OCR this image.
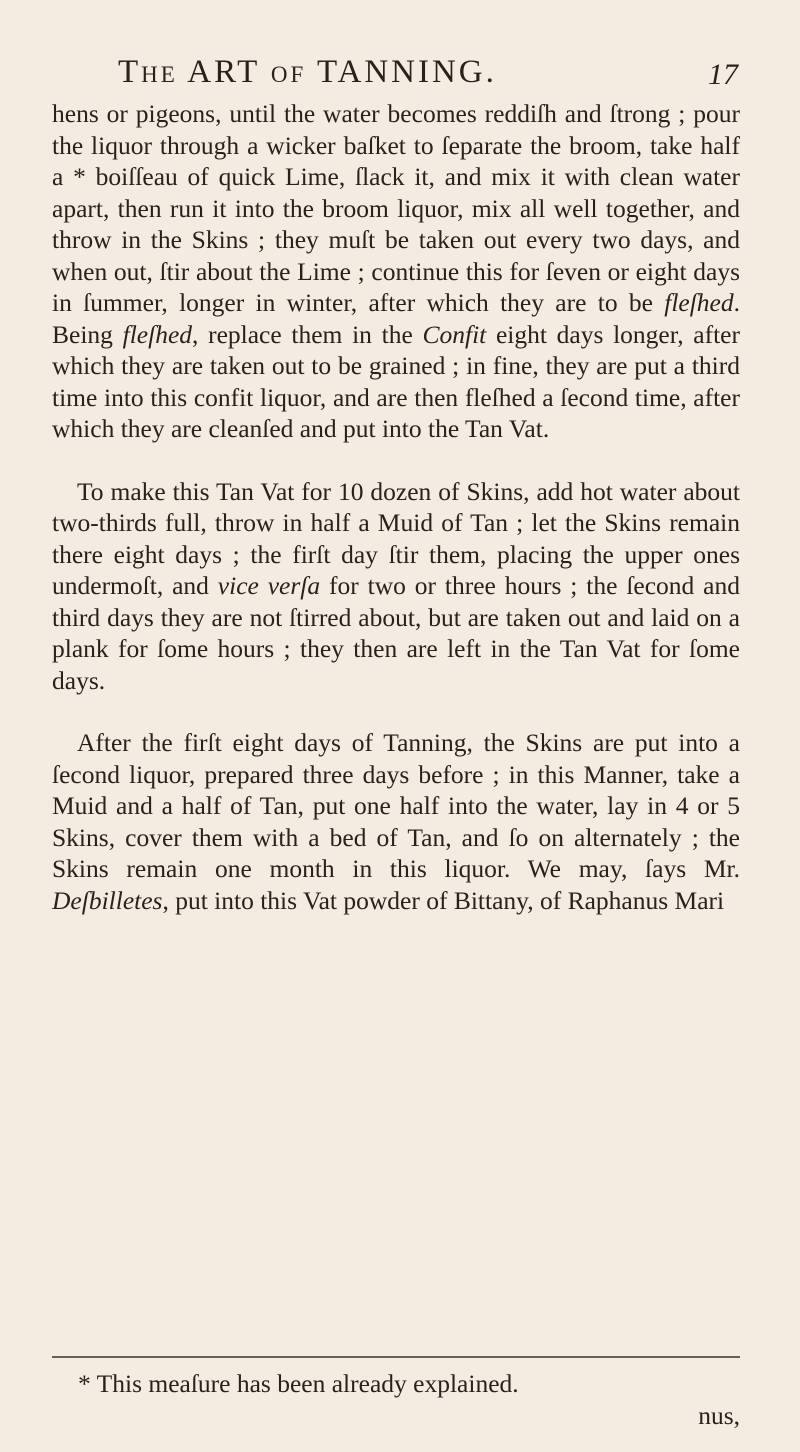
The ART of TANNING.	17

hens or pigeons, until the water becomes reddiſh and ſtrong ; pour the liquor through a wicker baſket to ſeparate the broom, take half a * boiſſeau of quick Lime, ſlack it, and mix it with clean water apart, then run it into the broom liquor, mix all well together, and throw in the Skins ; they muſt be taken out every two days, and when out, ſtir about the Lime ; continue this for ſeven or eight days in ſummer, longer in winter, after which they are to be fleſhed. Being fleſhed, replace them in the Confit eight days longer, after which they are taken out to be grained ; in fine, they are put a third time into this confit liquor, and are then fleſhed a ſecond time, after which they are cleanſed and put into the Tan Vat.

To make this Tan Vat for 10 dozen of Skins, add hot water about two-thirds full, throw in half a Muid of Tan ; let the Skins remain there eight days ; the firſt day ſtir them, placing the upper ones undermoſt, and vice verſa for two or three hours ; the ſecond and third days they are not ſtirred about, but are taken out and laid on a plank for ſome hours ; they then are left in the Tan Vat for ſome days.

After the firſt eight days of Tanning, the Skins are put into a ſecond liquor, prepared three days before ; in this Manner, take a Muid and a half of Tan, put one half into the water, lay in 4 or 5 Skins, cover them with a bed of Tan, and ſo on alternately ; the Skins remain one month in this liquor. We may, ſays Mr. Deſbilletes, put into this Vat powder of Bittany, of Raphanus Mari

* This meaſure has been already explained.
nus,
